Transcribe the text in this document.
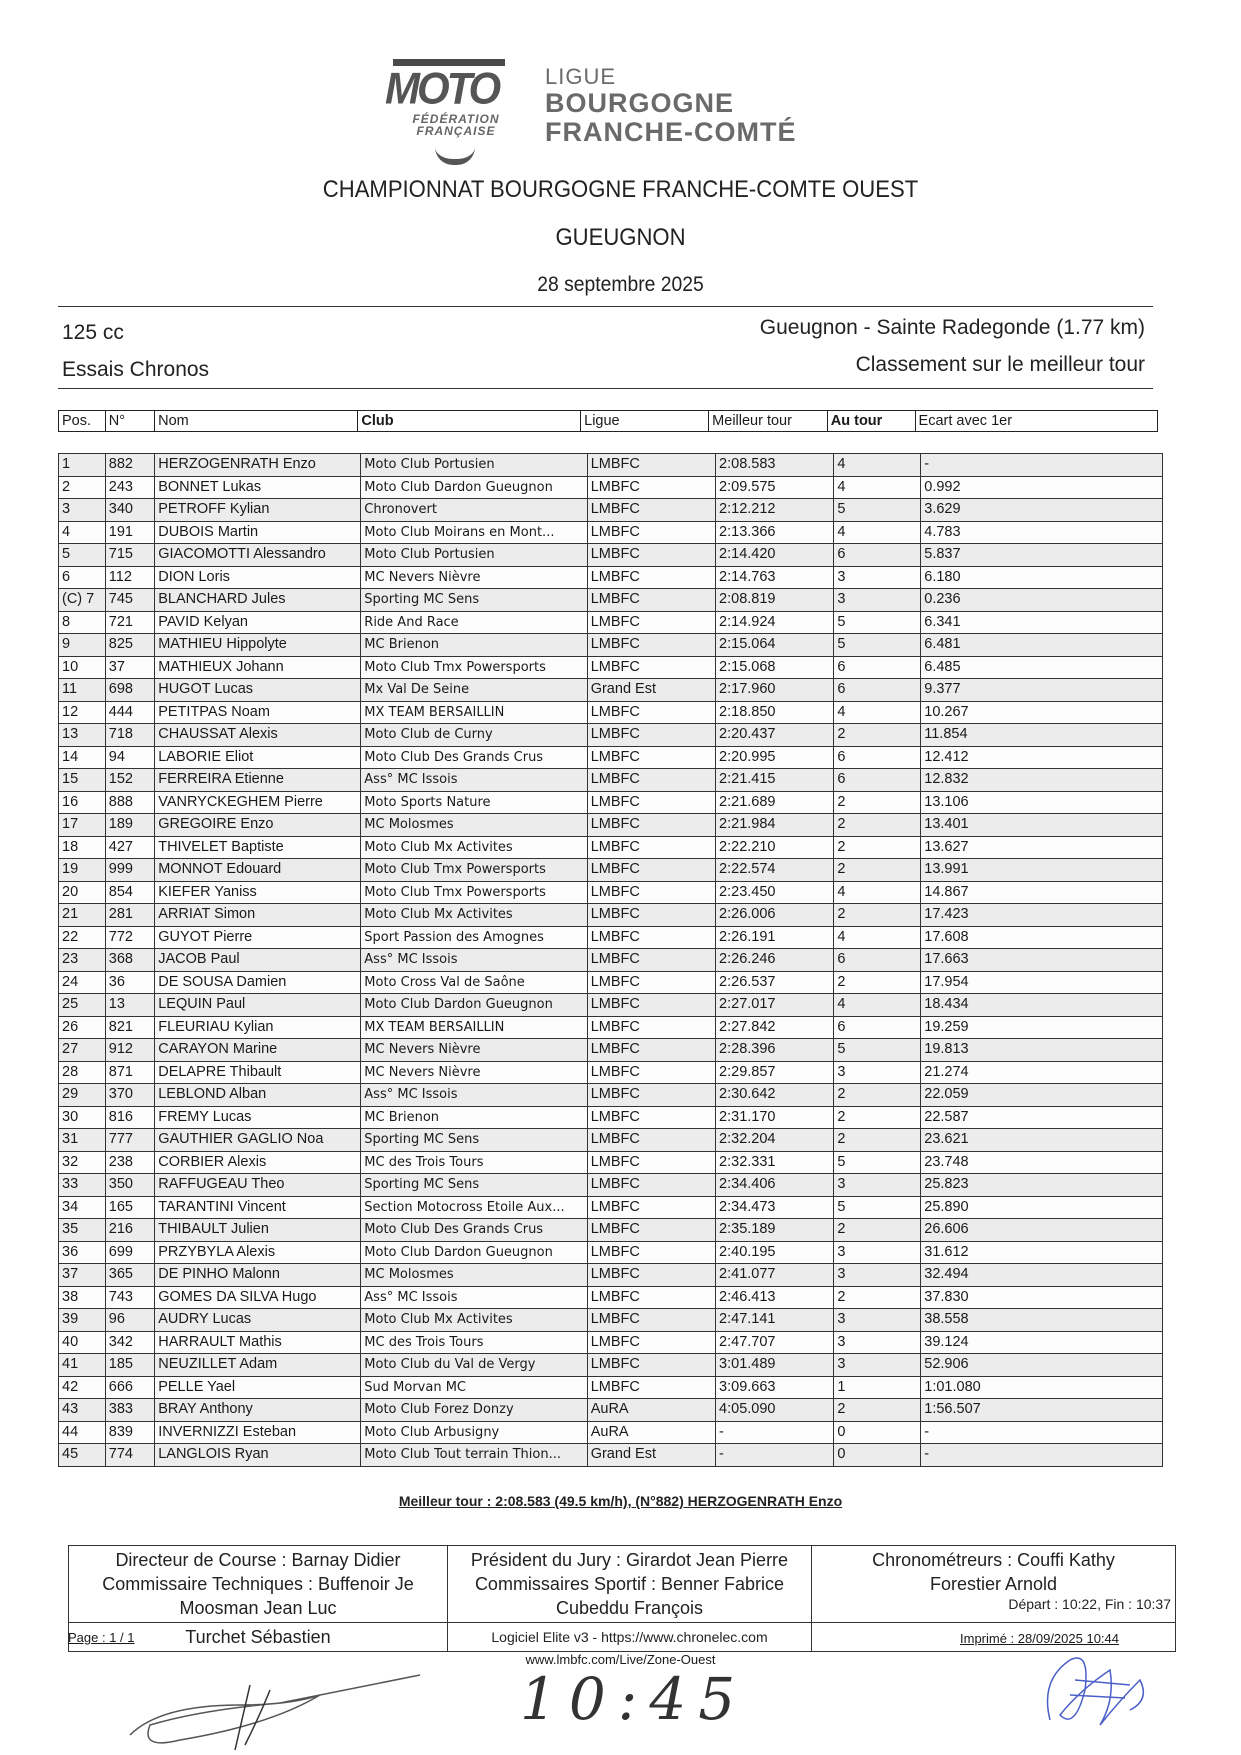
MOTO
FÉDÉRATION
FRANÇAISE
LIGUE
BOURGOGNE
FRANCHE-COMTÉ
CHAMPIONNAT BOURGOGNE FRANCHE-COMTE OUEST
GUEUGNON
28 septembre 2025
125 cc
Essais Chronos
Gueugnon - Sainte Radegonde (1.77 km)
Classement sur le meilleur tour
Pos.	N°	Nom	Club	Ligue	Meilleur tour	Au tour	Ecart avec 1er
1	882	HERZOGENRATH Enzo	Moto Club Portusien	LMBFC	2:08.583	4	-
2	243	BONNET Lukas	Moto Club Dardon Gueugnon	LMBFC	2:09.575	4	0.992
3	340	PETROFF Kylian	Chronovert	LMBFC	2:12.212	5	3.629
4	191	DUBOIS Martin	Moto Club Moirans en Mont...	LMBFC	2:13.366	4	4.783
5	715	GIACOMOTTI Alessandro	Moto Club Portusien	LMBFC	2:14.420	6	5.837
6	112	DION Loris	MC Nevers Nièvre	LMBFC	2:14.763	3	6.180
(C) 7	745	BLANCHARD Jules	Sporting MC Sens	LMBFC	2:08.819	3	0.236
8	721	PAVID Kelyan	Ride And Race	LMBFC	2:14.924	5	6.341
9	825	MATHIEU Hippolyte	MC Brienon	LMBFC	2:15.064	5	6.481
10	37	MATHIEUX Johann	Moto Club Tmx Powersports	LMBFC	2:15.068	6	6.485
11	698	HUGOT Lucas	Mx Val De Seine	Grand Est	2:17.960	6	9.377
12	444	PETITPAS Noam	MX TEAM BERSAILLIN	LMBFC	2:18.850	4	10.267
13	718	CHAUSSAT Alexis	Moto Club de Curny	LMBFC	2:20.437	2	11.854
14	94	LABORIE Eliot	Moto Club Des Grands Crus	LMBFC	2:20.995	6	12.412
15	152	FERREIRA Etienne	Ass° MC Issois	LMBFC	2:21.415	6	12.832
16	888	VANRYCKEGHEM Pierre	Moto Sports Nature	LMBFC	2:21.689	2	13.106
17	189	GREGOIRE Enzo	MC Molosmes	LMBFC	2:21.984	2	13.401
18	427	THIVELET Baptiste	Moto Club Mx Activites	LMBFC	2:22.210	2	13.627
19	999	MONNOT Edouard	Moto Club Tmx Powersports	LMBFC	2:22.574	2	13.991
20	854	KIEFER Yaniss	Moto Club Tmx Powersports	LMBFC	2:23.450	4	14.867
21	281	ARRIAT Simon	Moto Club Mx Activites	LMBFC	2:26.006	2	17.423
22	772	GUYOT Pierre	Sport Passion des Amognes	LMBFC	2:26.191	4	17.608
23	368	JACOB Paul	Ass° MC Issois	LMBFC	2:26.246	6	17.663
24	36	DE SOUSA Damien	Moto Cross Val de Saône	LMBFC	2:26.537	2	17.954
25	13	LEQUIN Paul	Moto Club Dardon Gueugnon	LMBFC	2:27.017	4	18.434
26	821	FLEURIAU Kylian	MX TEAM BERSAILLIN	LMBFC	2:27.842	6	19.259
27	912	CARAYON Marine	MC Nevers Nièvre	LMBFC	2:28.396	5	19.813
28	871	DELAPRE Thibault	MC Nevers Nièvre	LMBFC	2:29.857	3	21.274
29	370	LEBLOND Alban	Ass° MC Issois	LMBFC	2:30.642	2	22.059
30	816	FREMY Lucas	MC Brienon	LMBFC	2:31.170	2	22.587
31	777	GAUTHIER GAGLIO Noa	Sporting MC Sens	LMBFC	2:32.204	2	23.621
32	238	CORBIER Alexis	MC des Trois Tours	LMBFC	2:32.331	5	23.748
33	350	RAFFUGEAU Theo	Sporting MC Sens	LMBFC	2:34.406	3	25.823
34	165	TARANTINI Vincent	Section Motocross Etoile Aux...	LMBFC	2:34.473	5	25.890
35	216	THIBAULT Julien	Moto Club Des Grands Crus	LMBFC	2:35.189	2	26.606
36	699	PRZYBYLA Alexis	Moto Club Dardon Gueugnon	LMBFC	2:40.195	3	31.612
37	365	DE PINHO Malonn	MC Molosmes	LMBFC	2:41.077	3	32.494
38	743	GOMES DA SILVA Hugo	Ass° MC Issois	LMBFC	2:46.413	2	37.830
39	96	AUDRY Lucas	Moto Club Mx Activites	LMBFC	2:47.141	3	38.558
40	342	HARRAULT Mathis	MC des Trois Tours	LMBFC	2:47.707	3	39.124
41	185	NEUZILLET Adam	Moto Club du Val de Vergy	LMBFC	3:01.489	3	52.906
42	666	PELLE Yael	Sud Morvan MC	LMBFC	3:09.663	1	1:01.080
43	383	BRAY Anthony	Moto Club Forez Donzy	AuRA	4:05.090	2	1:56.507
44	839	INVERNIZZI Esteban	Moto Club Arbusigny	AuRA	-	0	-
45	774	LANGLOIS Ryan	Moto Club Tout terrain Thion...	Grand Est	-	0	-
Meilleur tour : 2:08.583 (49.5 km/h), (N°882) HERZOGENRATH Enzo
Directeur de Course : Barnay Didier
Commissaire Techniques : Buffenoir Je
Moosman Jean Luc

Président du Jury : Girardot Jean Pierre
Commissaires Sportif : Benner Fabrice
Cubeddu François

Chronométreurs : Couffi Kathy
Forestier Arnold
Départ : 10:22, Fin : 10:37

Turchet Sébastien	Logiciel Elite v3 - https://www.chronelec.com	
Page : 1 / 1	Imprimé : 28/09/2025 10:44
www.lmbfc.com/Live/Zone-Ouest
10:45
